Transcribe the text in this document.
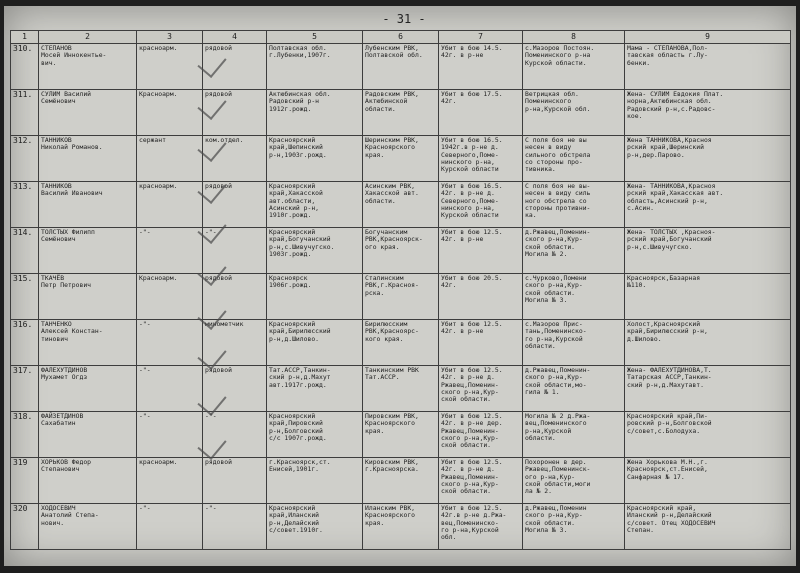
- 31 -
1	2	3	4	5	6	7	8	9
310.	СТЕПАНОВ
Мосей Иннокентье-
вич.	красноарм.	рядовой	Полтавская обл.
г.Лубенки,1907г.	Лубенским РВК,
Полтавской обл.	Убит в бою 14.5.
42г. в р-не	с.Мазоров Постоян.
Поменинского р-на
Курской области.	Мама - СТЕПАНОВА,Пол-
тавская область г.Лу-
бенки.
311.	СУЛИМ Василий
Семёнович	Красноарм.	рядовой	Актюбинская обл.
Радовский р-н
1912г.рожд.	Радовским РВК,
Актюбинской
области.	Убит в бою 17.5.
42г.	Ветрицкая обл.
Поменинского
р-на,Курской обл.	Жена- СУЛИМ Евдокия Плат.
норна,Актюбинская обл.
Радовский р-н,с.Радовс-
кое.
312.	ТАННИКОВ
Николай Романов.	сержант	ком.отдел.	Красноярский
край,Шепинский
р-н,1903г.рожд.	Шеринским РВК,
Красноярского
края.	Убит в бою 16.5.
1942г.в р-не д.
Северного,Поме-
нинского р-на,
Курской области	С поля боя не вы
несен в виду
сильного обстрела
со стороны про-
тивника.	Жена ТАННИКОВА,Красноя
рский край,Шеринский
р-н,дер.Парово.
313.	ТАННИКОВ
Василий Иванович	красноарм.	рядовой	Красноярский
край,Хакасской
авт.области,
Асинский р-н,
1910г.рожд.	Асинским РВК,
Хакасской авт.
области.	Убит в бою 16.5.
42г. в р-не д.
Северного,Поме-
нинского р-на,
Курской области	С поля боя не вы-
несен в виду силь
ного обстрела со
стороны противни-
ка.	Жена- ТАННИКОВА,Красноя
рский край,Хакасская авт.
область,Асинский р-н,
с.Асин.
314.	ТОЛСТЫХ Филипп
Семёнович	-"-	-"-	Красноярский
край,Богучанский
р-н,с.Шивучугско.
1903г.рожд.	Богучанским
РВК,Красноярск-
ого края.	Убит в бою 12.5.
42г. в р-не	д.Ржавец,Поменин-
ского р-на,Кур-
ской области.
Могила № 2.	Жена- ТОЛСТЫХ ,Красноя-
рский край,Богучанский
р-н,с.Шивучугско.
315.	ТКАЧЁВ
Петр Петрович	Красноарм.	рядовой	Красноярск
1906г.рожд.	Сталинским
РВК,г.Красноя-
рска.	Убит в бою 20.5.
42г.	с.Чурково,Помени
ского р-на,Кур-
ской области.
Могила № 3.	Красноярск,Базарная
№110.
316.	ТАНЧЕНКО
Алексей Констан-
тинович	-"-	минометчик	Красноярский
край,Бирилюсский
р-н,д.Шилово.	Бирилюсским
РВК,Красноярс-
кого края.	Убит в бою 12.5.
42г. в р-не	с.Мазоров Прис-
тань,Поменинско-
го р-на,Курской
области.	Холост,Красноярский
край,Бирилюсский р-н,
д.Шилово.
317.	ФАЛЕХУТДИНОВ
Мухамет Огдз	-"-	рядовой	Тат.АССР,Танкин-
ский р-н,д.Махут
авт.1917г.рожд.	Танкинским РВК
Тат.АССР.	Убит в бою 12.5.
42г. в р-не д.
Ржавец,Поменин-
ского р-на,Кур-
ской области.	д.Ржавец,Поменин-
ского р-на,Кур-
ской области,мо-
гила № 1.	Жена- ФАЛЕХУТДИНОВА,Т.
Татарская АССР,Танкин-
ский р-н,д.Махутавт.
318.	ФАЙЗЕТДИНОВ
Сахабатин	-"-	-"-	Красноярский
край,Пировский
р-н,Болговский
с/с 1907г.рожд.	Пировским РВК,
Красноярского
края.	Убит в бою 12.5.
42г. в р-не дер.
Ржавец,Поменин-
ского р-на,Кур-
ской области.	Могила № 2 д.Ржа-
вец,Поменинского
р-на,Курской
области.	Красноярский край,Пи-
ровский р-н,Болговской
с/совет,с.Болодуха.
319	ХОРЬКОВ Федор
Степанович	красноарм.	рядовой	г.Красноярск,ст.
Енисей,1901г.	Кировским РВК,
г.Красноярска.	Убит в бою 12.5.
42г. в р-не д.
Ржавец,Поменин-
ского р-на,Кур-
ской области.	Похоронен в дер.
Ржавец,Поменинск-
ого р-на,Кур-
ской области,моги
ла № 2.	Жена Хорькова М.Н.,г.
Красноярск,ст.Енисей,
Санфарная № 17.
320	ХОДОСЕВИЧ
Анатолий Степа-
нович.	-"-	-"-	Красноярский
край,Иланский
р-н,Делайский
с/совет.1910г.	Иланским РВК,
Красноярского
края.	Убит в бою 12.5.
42г.в р-не д.Ржа-
вец,Поменинско-
го р-на,Курской
обл.	д.Ржавец,Поменин
ского р-на,Кур-
ской области.
Могила № 3.	Красноярский край,
Иланский р-н,Делайский
с/совет. Отец ХОДОСЕВИЧ
Степан.
